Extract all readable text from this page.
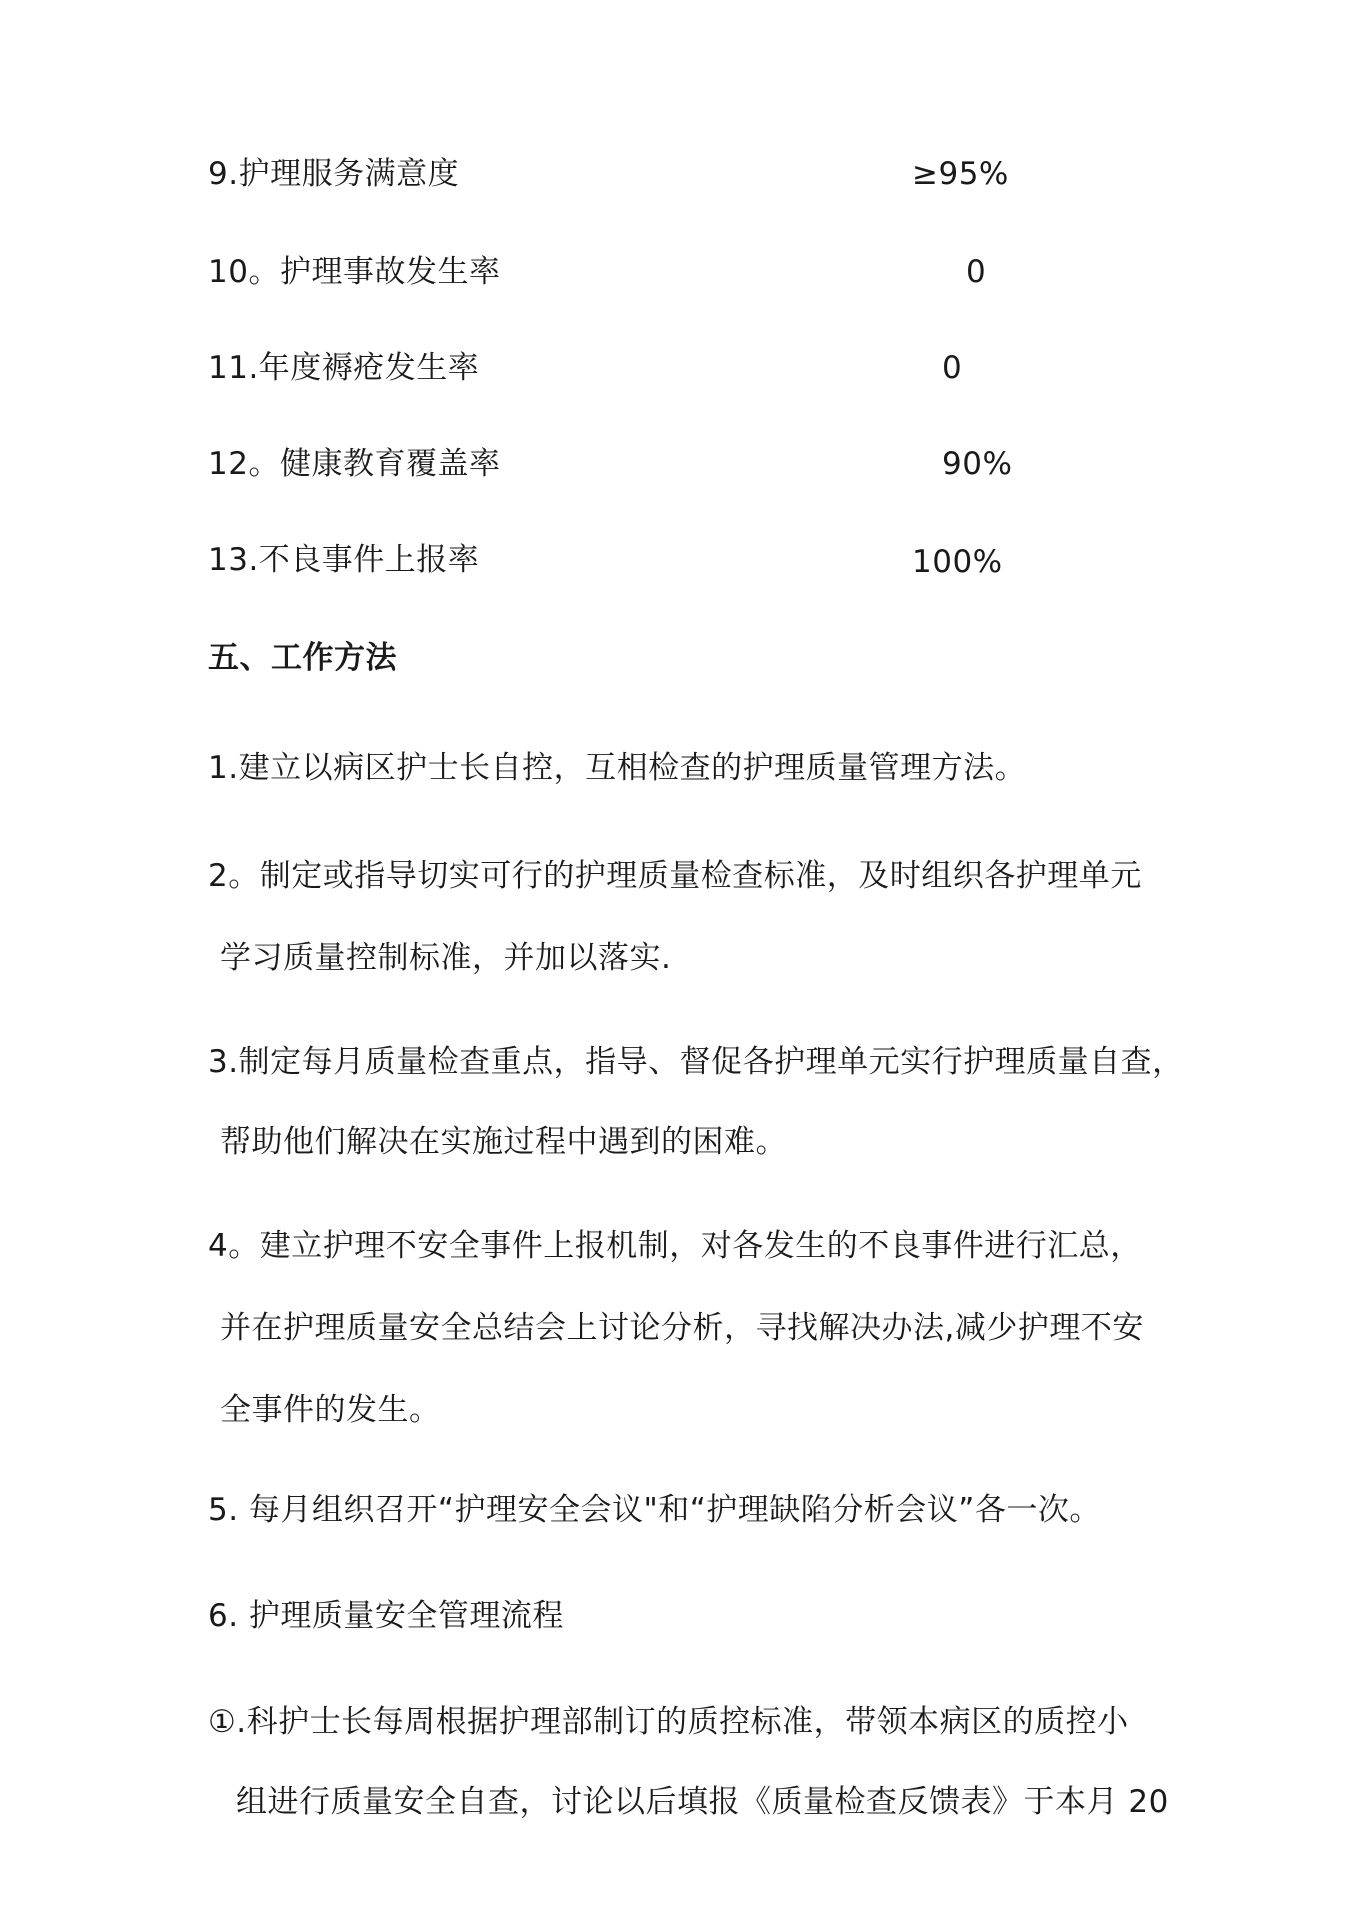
9.护理服务满意度	≥95%
10。护理事故发生率	0
11.年度褥疮发生率	0
12。健康教育覆盖率	90%
13.不良事件上报率	100%
五、工作方法
1.建立以病区护士长自控，互相检查的护理质量管理方法。
2。制定或指导切实可行的护理质量检查标准，及时组织各护理单元
学习质量控制标准，并加以落实.
3.制定每月质量检查重点，指导、督促各护理单元实行护理质量自查，
帮助他们解决在实施过程中遇到的困难。
4。建立护理不安全事件上报机制，对各发生的不良事件进行汇总，
并在护理质量安全总结会上讨论分析，寻找解决办法,减少护理不安
全事件的发生。
5. 每月组织召开“护理安全会议"和“护理缺陷分析会议”各一次。
6. 护理质量安全管理流程
①.科护士长每周根据护理部制订的质控标准，带领本病区的质控小
组进行质量安全自查，讨论以后填报《质量检查反馈表》于本月 20
